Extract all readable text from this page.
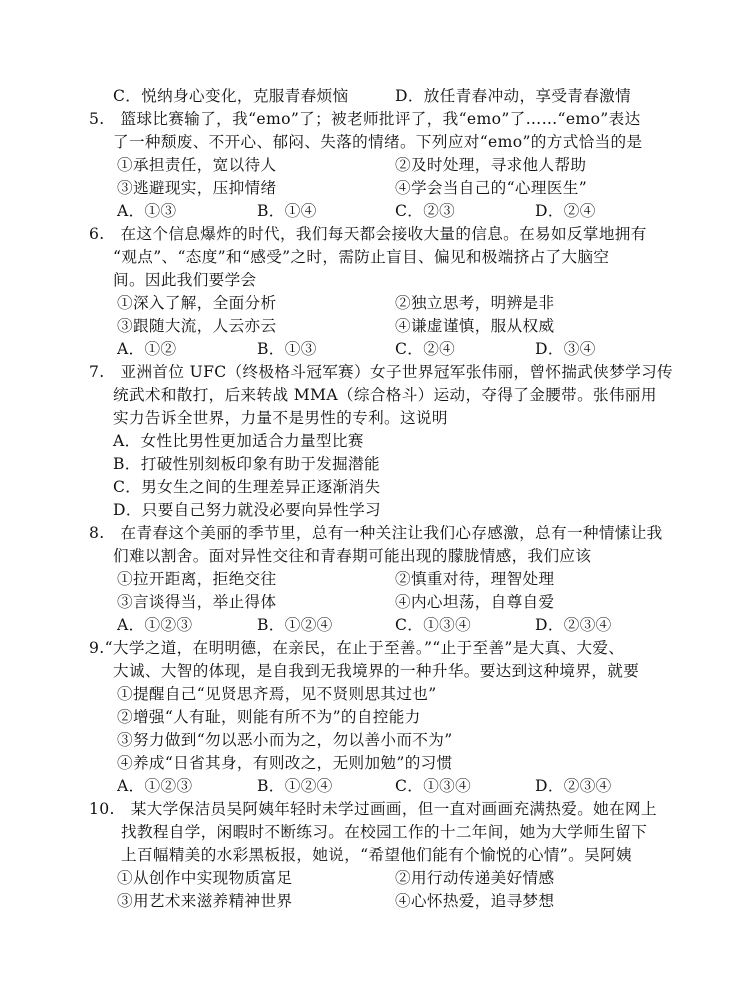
C．悦纳身心变化，克服青春烦恼	D．放任青春冲动，享受青春激情
5.　篮球比赛输了，我“emo”了；被老师批评了，我“emo”了……“emo”表达
了一种颓废、不开心、郁闷、失落的情绪。下列应对“emo”的方式恰当的是
①承担责任，宽以待人	②及时处理，寻求他人帮助
③逃避现实，压抑情绪	④学会当自己的“心理医生”
A．①③	B．①④	C．②③	D．②④
6.　在这个信息爆炸的时代，我们每天都会接收大量的信息。在易如反掌地拥有
“观点”、“态度”和“感受”之时，需防止盲目、偏见和极端挤占了大脑空
间。因此我们要学会
①深入了解，全面分析	②独立思考，明辨是非
③跟随大流，人云亦云	④谦虚谨慎，服从权威
A．①②	B．①③	C．②④	D．③④
7.　亚洲首位 UFC（终极格斗冠军赛）女子世界冠军张伟丽，曾怀揣武侠梦学习传
统武术和散打，后来转战 MMA（综合格斗）运动，夺得了金腰带。张伟丽用
实力告诉全世界，力量不是男性的专利。这说明
A．女性比男性更加适合力量型比赛
B．打破性别刻板印象有助于发掘潜能
C．男女生之间的生理差异正逐渐消失
D．只要自己努力就没必要向异性学习
8.　在青春这个美丽的季节里，总有一种关注让我们心存感激，总有一种情愫让我
们难以割舍。面对异性交往和青春期可能出现的朦胧情感，我们应该
①拉开距离，拒绝交往	②慎重对待，理智处理
③言谈得当，举止得体	④内心坦荡，自尊自爱
A．①②③	B．①②④	C．①③④	D．②③④
9.“大学之道，在明明德，在亲民，在止于至善。”“止于至善”是大真、大爱、
大诚、大智的体现，是自我到无我境界的一种升华。要达到这种境界，就要
①提醒自己“见贤思齐焉，见不贤则思其过也”
②增强“人有耻，则能有所不为”的自控能力
③努力做到“勿以恶小而为之，勿以善小而不为”
④养成“日省其身，有则改之，无则加勉”的习惯
A．①②③	B．①②④	C．①③④	D．②③④
10.　某大学保洁员吴阿姨年轻时未学过画画，但一直对画画充满热爱。她在网上
找教程自学，闲暇时不断练习。在校园工作的十二年间，她为大学师生留下
上百幅精美的水彩黑板报，她说，“希望他们能有个愉悦的心情”。吴阿姨
①从创作中实现物质富足	②用行动传递美好情感
③用艺术来滋养精神世界	④心怀热爱，追寻梦想
